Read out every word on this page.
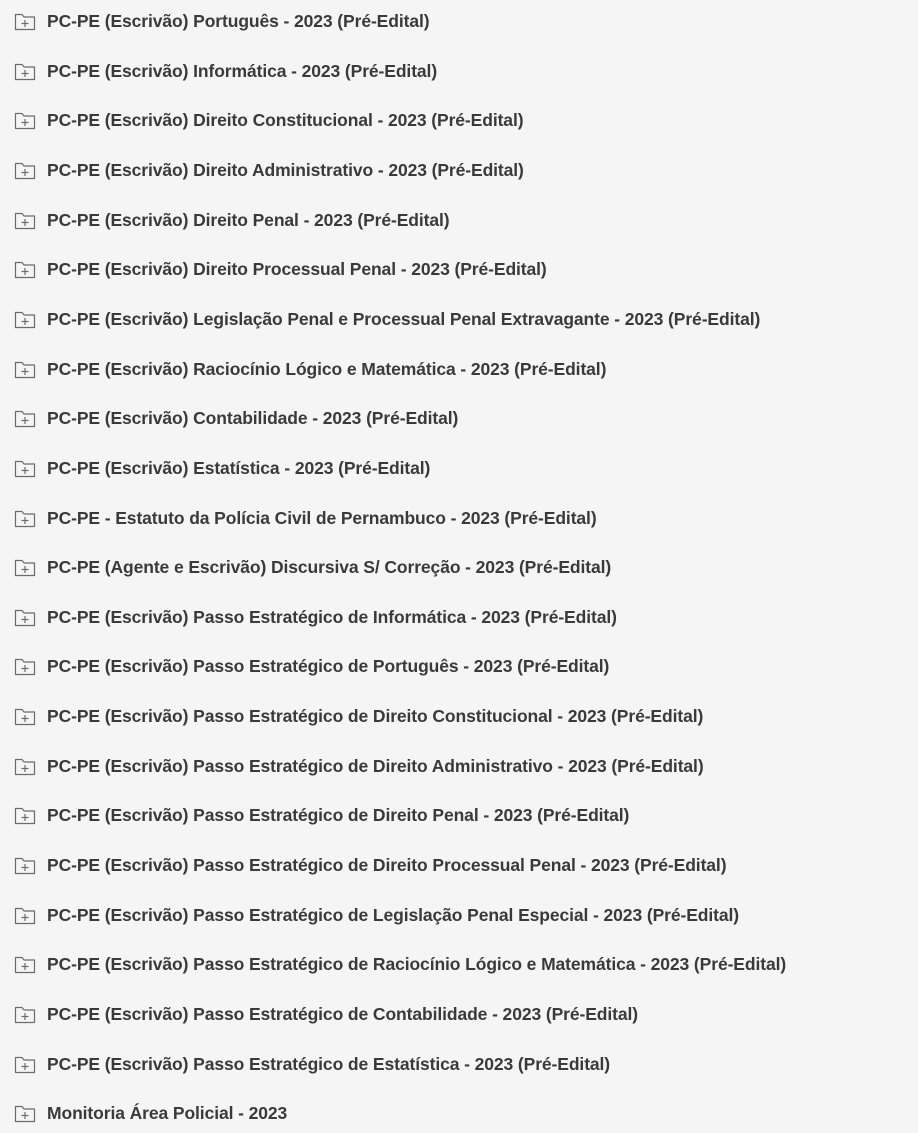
PC-PE (Escrivão) Português - 2023 (Pré-Edital)
PC-PE (Escrivão) Informática - 2023 (Pré-Edital)
PC-PE (Escrivão) Direito Constitucional - 2023 (Pré-Edital)
PC-PE (Escrivão) Direito Administrativo - 2023 (Pré-Edital)
PC-PE (Escrivão) Direito Penal - 2023 (Pré-Edital)
PC-PE (Escrivão) Direito Processual Penal - 2023 (Pré-Edital)
PC-PE (Escrivão) Legislação Penal e Processual Penal Extravagante - 2023 (Pré-Edital)
PC-PE (Escrivão) Raciocínio Lógico e Matemática - 2023 (Pré-Edital)
PC-PE (Escrivão) Contabilidade - 2023 (Pré-Edital)
PC-PE (Escrivão) Estatística - 2023 (Pré-Edital)
PC-PE - Estatuto da Polícia Civil de Pernambuco - 2023 (Pré-Edital)
PC-PE (Agente e Escrivão) Discursiva S/ Correção - 2023 (Pré-Edital)
PC-PE (Escrivão) Passo Estratégico de Informática - 2023 (Pré-Edital)
PC-PE (Escrivão) Passo Estratégico de Português - 2023 (Pré-Edital)
PC-PE (Escrivão) Passo Estratégico de Direito Constitucional - 2023 (Pré-Edital)
PC-PE (Escrivão) Passo Estratégico de Direito Administrativo - 2023 (Pré-Edital)
PC-PE (Escrivão) Passo Estratégico de Direito Penal - 2023 (Pré-Edital)
PC-PE (Escrivão) Passo Estratégico de Direito Processual Penal - 2023 (Pré-Edital)
PC-PE (Escrivão) Passo Estratégico de Legislação Penal Especial - 2023 (Pré-Edital)
PC-PE (Escrivão) Passo Estratégico de Raciocínio Lógico e Matemática - 2023 (Pré-Edital)
PC-PE (Escrivão) Passo Estratégico de Contabilidade - 2023 (Pré-Edital)
PC-PE (Escrivão) Passo Estratégico de Estatística - 2023 (Pré-Edital)
Monitoria Área Policial - 2023
